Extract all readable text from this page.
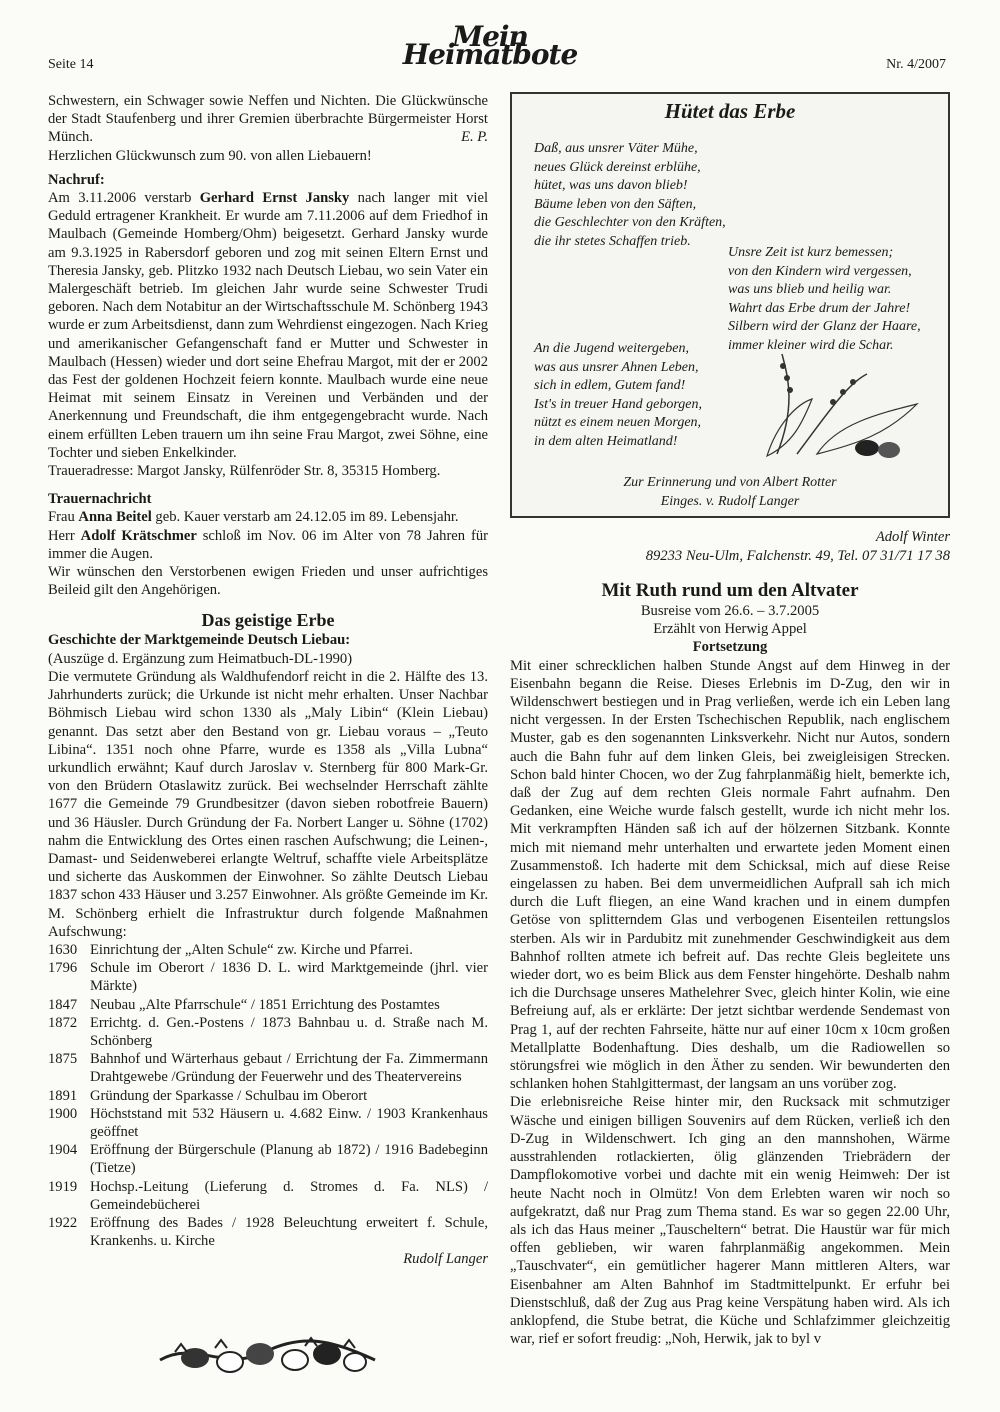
Seite 14
Mein Heimatbote	Nr. 4/2007

Schwestern, ein Schwager sowie Neffen und Nichten. Die Glückwünsche der Stadt Staufenberg und ihrer Gremien überbrachte Bürgermeister Horst Münch.	E. P.

Herzlichen Glückwunsch zum 90. von allen Liebauern!

Nachruf:

Am 3.11.2006 verstarb Gerhard Ernst Jansky nach langer mit viel Geduld ertragener Krankheit. Er wurde am 7.11.2006 auf dem Friedhof in Maulbach (Gemeinde Homberg/Ohm) beigesetzt. Gerhard Jansky wurde am 9.3.1925 in Rabersdorf geboren und zog mit seinen Eltern Ernst und Theresia Jansky, geb. Plitzko 1932 nach Deutsch Liebau, wo sein Vater ein Malergeschäft betrieb. Im gleichen Jahr wurde seine Schwester Trudi geboren. Nach dem Notabitur an der Wirtschaftsschule M. Schönberg 1943 wurde er zum Arbeitsdienst, dann zum Wehrdienst eingezogen. Nach Krieg und amerikanischer Gefangenschaft fand er Mutter und Schwester in Maulbach (Hessen) wieder und dort seine Ehefrau Margot, mit der er 2002 das Fest der goldenen Hochzeit feiern konnte. Maulbach wurde eine neue Heimat mit seinem Einsatz in Vereinen und Verbänden und der Anerkennung und Freundschaft, die ihm entgegengebracht wurde. Nach einem erfüllten Leben trauern um ihn seine Frau Margot, zwei Söhne, eine Tochter und sieben Enkelkinder.

Traueradresse: Margot Jansky, Rülfenröder Str. 8, 35315 Homberg.

Trauernachricht

Frau Anna Beitel geb. Kauer verstarb am 24.12.05 im 89. Lebensjahr.

Herr Adolf Krätschmer schloß im Nov. 06 im Alter von 78 Jahren für immer die Augen.

Wir wünschen den Verstorbenen ewigen Frieden und unser aufrichtiges Beileid gilt den Angehörigen.

Das geistige Erbe

Geschichte der Marktgemeinde Deutsch Liebau:

(Auszüge d. Ergänzung zum Heimatbuch-DL-1990)

Die vermutete Gründung als Waldhufendorf reicht in die 2. Hälfte des 13. Jahrhunderts zurück; die Urkunde ist nicht mehr erhalten. Unser Nachbar Böhmisch Liebau wird schon 1330 als „Maly Libin“ (Klein Liebau) genannt. Das setzt aber den Bestand von gr. Liebau voraus – „Teuto Libina“. 1351 noch ohne Pfarre, wurde es 1358 als „Villa Lubna“ urkundlich erwähnt; Kauf durch Jaroslav v. Sternberg für 800 Mark-Gr. von den Brüdern Otaslawitz zurück. Bei wechselnder Herrschaft zählte 1677 die Gemeinde 79 Grundbesitzer (davon sieben robotfreie Bauern) und 36 Häusler. Durch Gründung der Fa. Norbert Langer u. Söhne (1702) nahm die Entwicklung des Ortes einen raschen Aufschwung; die Leinen-, Damast- und Seidenweberei erlangte Weltruf, schaffte viele Arbeitsplätze und sicherte das Auskommen der Einwohner. So zählte Deutsch Liebau 1837 schon 433 Häuser und 3.257 Einwohner. Als größte Gemeinde im Kr. M. Schönberg erhielt die Infrastruktur durch folgende Maßnahmen Aufschwung:

1630 Einrichtung der „Alten Schule“ zw. Kirche und Pfarrei.
1796 Schule im Oberort / 1836 D. L. wird Marktgemeinde (jhrl. vier Märkte)
1847 Neubau „Alte Pfarrschule“ / 1851 Errichtung des Postamtes
1872 Errichtg. d. Gen.-Postens / 1873 Bahnbau u. d. Straße nach M. Schönberg
1875 Bahnhof und Wärterhaus gebaut / Errichtung der Fa. Zimmermann Drahtgewebe /Gründung der Feuerwehr und des Theatervereins
1891 Gründung der Sparkasse / Schulbau im Oberort
1900 Höchststand mit 532 Häusern u. 4.682 Einw. / 1903 Krankenhaus geöffnet
1904 Eröffnung der Bürgerschule (Planung ab 1872) / 1916 Badebeginn (Tietze)
1919 Hochsp.-Leitung (Lieferung d. Stromes d. Fa. NLS) / Gemeindebücherei
1922 Eröffnung des Bades / 1928 Beleuchtung erweitert f. Schule, Krankenhs. u. Kirche

Rudolf Langer

Hütet das Erbe
Daß, aus unsrer Väter Mühe,
neues Glück dereinst erblühe,
hütet, was uns davon blieb!
Bäume leben von den Säften,
die Geschlechter von den Kräften,
die ihr stetes Schaffen trieb.
Unsre Zeit ist kurz bemessen;
von den Kindern wird vergessen,
was uns blieb und heilig war.
Wahrt das Erbe drum der Jahre!
Silbern wird der Glanz der Haare,
immer kleiner wird die Schar.
An die Jugend weitergeben,
was aus unsrer Ahnen Leben,
sich in edlem, Gutem fand!
Ist's in treuer Hand geborgen,
nützt es einem neuen Morgen,
in dem alten Heimatland!
Zur Erinnerung und von Albert Rotter
Einges. v. Rudolf Langer
Adolf Winter
89233 Neu-Ulm, Falchenstr. 49, Tel. 07 31/71 17 38
Mit Ruth rund um den Altvater
Busreise vom 26.6. – 3.7.2005
Erzählt von Herwig Appel
Fortsetzung

Mit einer schrecklichen halben Stunde Angst auf dem Hinweg in der Eisenbahn begann die Reise. Dieses Erlebnis im D-Zug, den wir in Wildenschwert bestiegen und in Prag verließen, werde ich ein Leben lang nicht vergessen. In der Ersten Tschechischen Republik, nach englischem Muster, gab es den sogenannten Linksverkehr. Nicht nur Autos, sondern auch die Bahn fuhr auf dem linken Gleis, bei zweigleisigen Strecken. Schon bald hinter Chocen, wo der Zug fahrplanmäßig hielt, bemerkte ich, daß der Zug auf dem rechten Gleis normale Fahrt aufnahm. Den Gedanken, eine Weiche wurde falsch gestellt, wurde ich nicht mehr los. Mit verkrampften Händen saß ich auf der hölzernen Sitzbank. Konnte mich mit niemand mehr unterhalten und erwartete jeden Moment einen Zusammenstoß. Ich haderte mit dem Schicksal, mich auf diese Reise eingelassen zu haben. Bei dem unvermeidlichen Aufprall sah ich mich durch die Luft fliegen, an eine Wand krachen und in einem dumpfen Getöse von splitterndem Glas und verbogenen Eisenteilen rettungslos sterben. Als wir in Pardubitz mit zunehmender Geschwindigkeit aus dem Bahnhof rollten atmete ich befreit auf. Das rechte Gleis begleitete uns wieder dort, wo es beim Blick aus dem Fenster hingehörte. Deshalb nahm ich die Durchsage unseres Mathelehrer Svec, gleich hinter Kolin, wie eine Befreiung auf, als er erklärte: Der jetzt sichtbar werdende Sendemast von Prag 1, auf der rechten Fahrseite, hätte nur auf einer 10cm x 10cm großen Metallplatte Bodenhaftung. Dies deshalb, um die Radiowellen so störungsfrei wie möglich in den Äther zu senden. Wir bewunderten den schlanken hohen Stahlgittermast, der langsam an uns vorüber zog.

Die erlebnisreiche Reise hinter mir, den Rucksack mit schmutziger Wäsche und einigen billigen Souvenirs auf dem Rücken, verließ ich den D-Zug in Wildenschwert. Ich ging an den mannshohen, Wärme ausstrahlenden rotlackierten, ölig glänzenden Triebrädern der Dampflokomotive vorbei und dachte mit ein wenig Heimweh: Der ist heute Nacht noch in Olmütz! Von dem Erlebten waren wir noch so aufgekratzt, daß nur Prag zum Thema stand. Es war so gegen 22.00 Uhr, als ich das Haus meiner „Tauscheltern“ betrat. Die Haustür war für mich offen geblieben, wir waren fahrplanmäßig angekommen. Mein „Tauschvater“, ein gemütlicher hagerer Mann mittleren Alters, war Eisenbahner am Alten Bahnhof im Stadtmittelpunkt. Er erfuhr bei Dienstschluß, daß der Zug aus Prag keine Verspätung haben wird. Als ich anklopfend, die Stube betrat, die Küche und Schlafzimmer gleichzeitig war, rief er sofort freudig: „Noh, Herwik, jak to byl v
